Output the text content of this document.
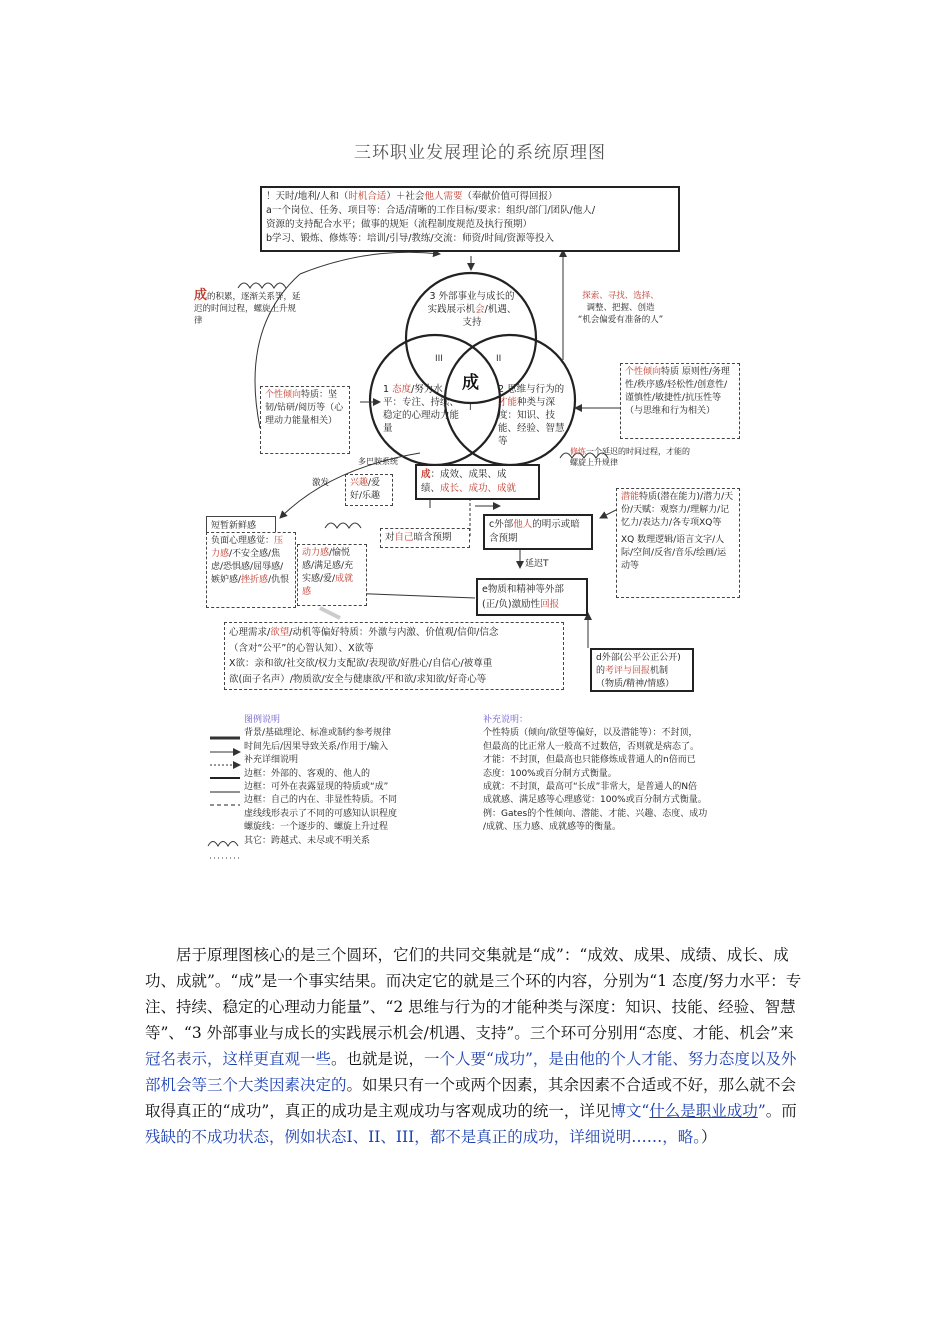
三环职业发展理论的系统原理图
！天时/地利/人和（时机合适）＋社会他人需要（奉献价值可得回报）
a一个岗位、任务、项目等：合适/清晰的工作目标/要求：组织/部门/团队/他人/
资源的支持配合水平；做事的规矩（流程制度规范及执行预期）
b学习、锻炼、修炼等：培训/引导/教练/交流：师资/时间/资源等投入
成的积累，逐渐关系等，延迟的时间过程，螺旋上升规律
探索、寻找、选择、
调整、把握、创造
“机会偏爱有准备的人”
3 外部事业与成长的实践展示机会/机遇、支持
1 态度/努力水平：专注、持续、稳定的心理动力能量
2 思维与行为的才能种类与深度：知识、技能、经验、智慧等
成
III	II
I
个性倾向特质：坚韧/钻研/阅历等（心理动力能量相关）
个性倾向特质 原则性/务理性/秩序感/轻松性/创意性/谨慎性/敏捷性/抗压性等（与思维和行为相关）
修炼一个延迟的时间过程，才能的螺旋上升规律
多巴胺系统
激发	兴趣/爱好/乐趣
成：成效、成果、成
绩、成长、成功、成就
短暂新鲜感
负面心理感觉：压力感/不安全感/焦虑/恐惧感/屈辱感/嫉妒感/挫折感/仇恨
动力感/愉悦感/满足感/充实感/爱/成就感
对自己暗含预期
c外部他人的明示或暗含预期
延迟T
e物质和精神等外部
(正/负)激励性回报
潜能特质(潜在能力)/潜力/天份/天赋：观察力/理解力/记忆力/表达力/各专项XQ等

XQ 数理逻辑/语言文字/人际/空间/反省/音乐/绘画/运动等
心理需求/欲望/动机等偏好特质：外激与内激、价值观/信仰/信念
（含对“公平”的心智认知）、X欲等
X欲：亲和欲/社交欲/权力支配欲/表现欲/好胜心/自信心/被尊重
欲(面子名声）/物质欲/安全与健康欲/平和欲/求知欲/好奇心等
d外部(公平公正公开)
的考评与回报机制
（物质/精神/情感）
图例说明
背景/基础理论、标准或制约参考规律
时间先后/因果导致关系/作用于/输入
补充详细说明
边框：外部的、客观的、他人的
边框：可外在表露显现的特质或“成”
边框：自己的内在、非显性特质。不同
虚线线形表示了不同的可感知认识程度
螺旋线：一个逐步的、螺旋上升过程
其它：跨越式、未尽或不明关系
补充说明：
个性特质（倾向/欲望等偏好，以及潜能等）：不封顶，
但最高的比正常人一般高不过数倍，否则就是病态了。
才能：不封顶，但最高也只能修炼成普通人的n倍而已
态度：100%或百分制方式衡量。
成就：不封顶，最高可“长成”非常大，是普通人的N倍
成就感、满足感等心理感觉：100%或百分制方式衡量。
例：Gates的个性倾向、潜能、才能、兴趣、态度、成功
/成就、压力感、成就感等的衡量。

居于原理图核心的是三个圆环，它们的共同交集就是“成”：“成效、成果、成绩、成长、成功、成就”。“成”是一个事实结果。而决定它的就是三个环的内容，分别为“1 态度/努力水平：专注、持续、稳定的心理动力能量”、“2 思维与行为的才能种类与深度：知识、技能、经验、智慧等”、“3 外部事业与成长的实践展示机会/机遇、支持”。三个环可分别用“态度、才能、机会”来冠名表示，这样更直观一些。也就是说，一个人要“成功”，是由他的个人才能、努力态度以及外部机会等三个大类因素决定的。如果只有一个或两个因素，其余因素不合适或不好，那么就不会取得真正的“成功”，真正的成功是主观成功与客观成功的统一，详见博文“什么是职业成功”。而残缺的不成功状态，例如状态I、II、III，都不是真正的成功，详细说明……，略。）
